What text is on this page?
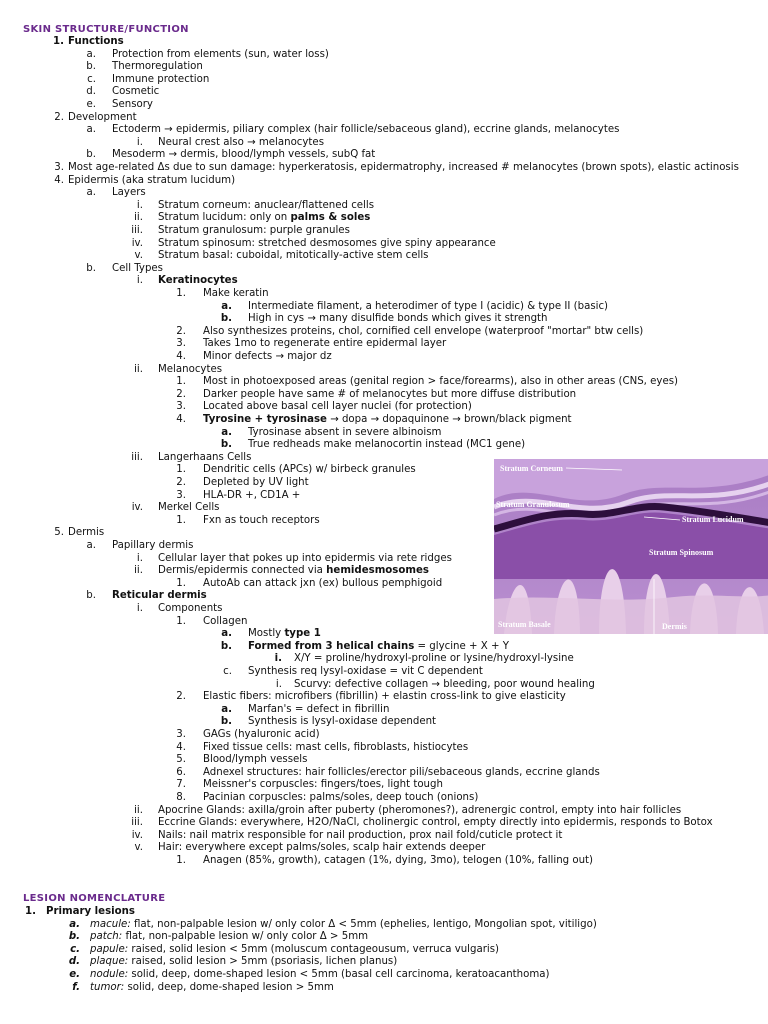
SKIN STRUCTURE/FUNCTION
1. Functions
a. Protection from elements (sun, water loss)
b. Thermoregulation
c. Immune protection
d. Cosmetic
e. Sensory
2. Development
a. Ectoderm → epidermis, piliary complex (hair follicle/sebaceous gland), eccrine glands, melanocytes
i. Neural crest also → melanocytes
b. Mesoderm → dermis, blood/lymph vessels, subQ fat
3. Most age-related Δs due to sun damage: hyperkeratosis, epidermatrophy, increased # melanocytes (brown spots), elastic actinosis
4. Epidermis (aka stratum lucidum)
a. Layers
i. Stratum corneum: anuclear/flattened cells
ii. Stratum lucidum: only on palms & soles
iii. Stratum granulosum: purple granules
iv. Stratum spinosum: stretched desmosomes give spiny appearance
v. Stratum basal: cuboidal, mitotically-active stem cells
b. Cell Types
i. Keratinocytes
1. Make keratin
a. Intermediate filament, a heterodimer of type I (acidic) & type II (basic)
b. High in cys → many disulfide bonds which gives it strength
2. Also synthesizes proteins, chol, cornified cell envelope (waterproof "mortar" btw cells)
3. Takes 1mo to regenerate entire epidermal layer
4. Minor defects → major dz
ii. Melanocytes
1. Most in photoexposed areas (genital region > face/forearms), also in other areas (CNS, eyes)
2. Darker people have same # of melanocytes but more diffuse distribution
3. Located above basal cell layer nuclei (for protection)
4. Tyrosine + tyrosinase → dopa → dopaquinone → brown/black pigment
a. Tyrosinase absent in severe albinoism
b. True redheads make melanocortin instead (MC1 gene)
iii. Langerhaans Cells
1. Dendritic cells (APCs) w/ birbeck granules
2. Depleted by UV light
3. HLA-DR +, CD1A +
iv. Merkel Cells
1. Fxn as touch receptors
5. Dermis
a. Papillary dermis
i. Cellular layer that pokes up into epidermis via rete ridges
ii. Dermis/epidermis connected via hemidesmosomes
1. AutoAb can attack jxn (ex) bullous pemphigoid
b. Reticular dermis
i. Components
1. Collagen
a. Mostly type 1
b. Formed from 3 helical chains = glycine + X + Y
i. X/Y = proline/hydroxyl-proline or lysine/hydroxyl-lysine
c. Synthesis req lysyl-oxidase = vit C dependent
i. Scurvy: defective collagen → bleeding, poor wound healing
2. Elastic fibers: microfibers (fibrillin) + elastin cross-link to give elasticity
a. Marfan's = defect in fibrillin
b. Synthesis is lysyl-oxidase dependent
3. GAGs (hyaluronic acid)
4. Fixed tissue cells: mast cells, fibroblasts, histiocytes
5. Blood/lymph vessels
6. Adnexel structures: hair follicles/erector pili/sebaceous glands, eccrine glands
7. Meissner's corpuscles: fingers/toes, light tough
8. Pacinian corpuscles: palms/soles, deep touch (onions)
ii. Apocrine Glands: axilla/groin after puberty (pheromones?), adrenergic control, empty into hair follicles
iii. Eccrine Glands: everywhere, H2O/NaCl, cholinergic control, empty directly into epidermis, responds to Botox
iv. Nails: nail matrix responsible for nail production, prox nail fold/cuticle protect it
v. Hair: everywhere except palms/soles, scalp hair extends deeper
1. Anagen (85%, growth), catagen (1%, dying, 3mo), telogen (10%, falling out)
LESION NOMENCLATURE
1. Primary lesions
a. macule: flat, non-palpable lesion w/ only color Δ < 5mm (ephelies, lentigo, Mongolian spot, vitiligo)
b. patch: flat, non-palpable lesion w/ only color Δ > 5mm
c. papule: raised, solid lesion < 5mm (moluscum contageousum, verruca vulgaris)
d. plaque: raised, solid lesion > 5mm (psoriasis, lichen planus)
e. nodule: solid, deep, dome-shaped lesion < 5mm (basal cell carcinoma, keratoacanthoma)
f. tumor: solid, deep, dome-shaped lesion > 5mm
Stratum Corneum
Stratum Granulosum
Stratum Lucidum
Stratum Spinosum
Stratum Basale	Dermis
